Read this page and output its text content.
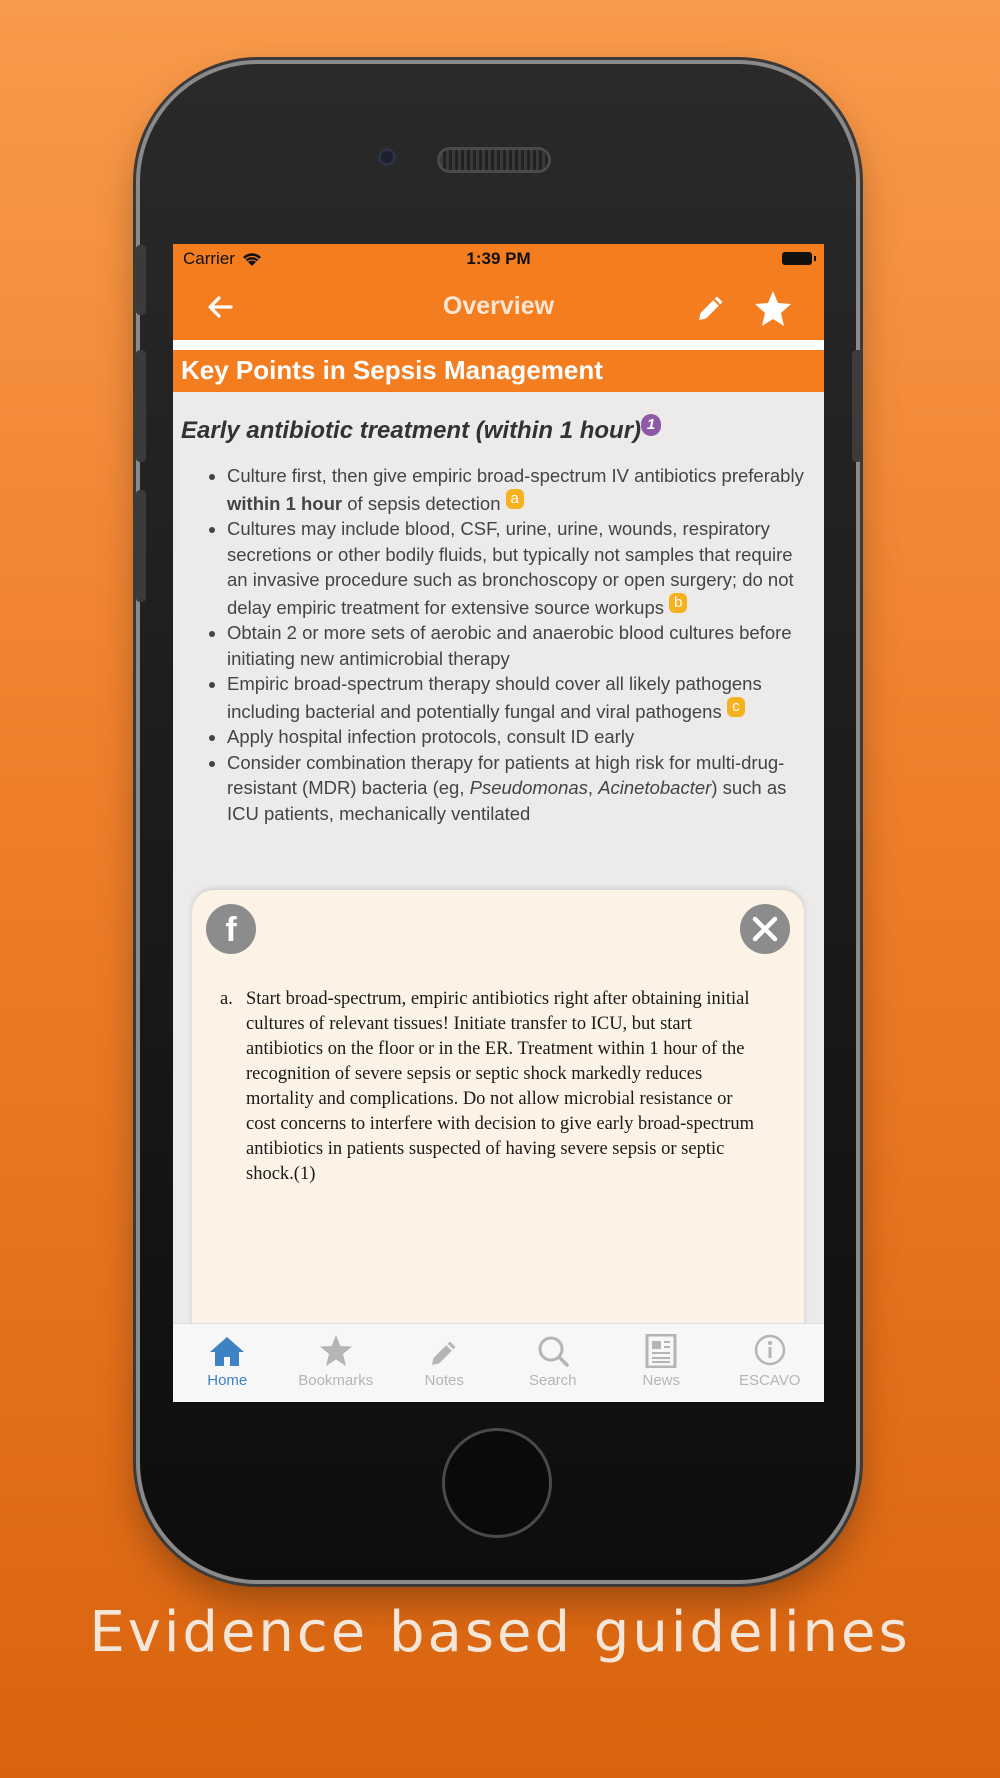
Carrier	1:39 PM
Overview
Key Points in Sepsis Management
Early antibiotic treatment (within 1 hour) 1
• Culture first, then give empiric broad-spectrum IV antibiotics preferably within 1 hour of sepsis detection a
• Cultures may include blood, CSF, urine, urine, wounds, respiratory secretions or other bodily fluids, but typically not samples that require an invasive procedure such as bronchoscopy or open surgery; do not delay empiric treatment for extensive source workups b
• Obtain 2 or more sets of aerobic and anaerobic blood cultures before initiating new antimicrobial therapy
• Empiric broad-spectrum therapy should cover all likely pathogens including bacterial and potentially fungal and viral pathogens c
• Apply hospital infection protocols, consult ID early
• Consider combination therapy for patients at high risk for multi-drug-resistant (MDR) bacteria (eg, Pseudomonas, Acinetobacter) such as ICU patients, mechanically ventilated
f
a. Start broad-spectrum, empiric antibiotics right after obtaining initial cultures of relevant tissues! Initiate transfer to ICU, but start antibiotics on the floor or in the ER. Treatment within 1 hour of the recognition of severe sepsis or septic shock markedly reduces mortality and complications. Do not allow microbial resistance or cost concerns to interfere with decision to give early broad-spectrum antibiotics in patients suspected of having severe sepsis or septic shock.(1)
Home	Bookmarks	Notes	Search	News	ESCAVO
Evidence based guidelines
